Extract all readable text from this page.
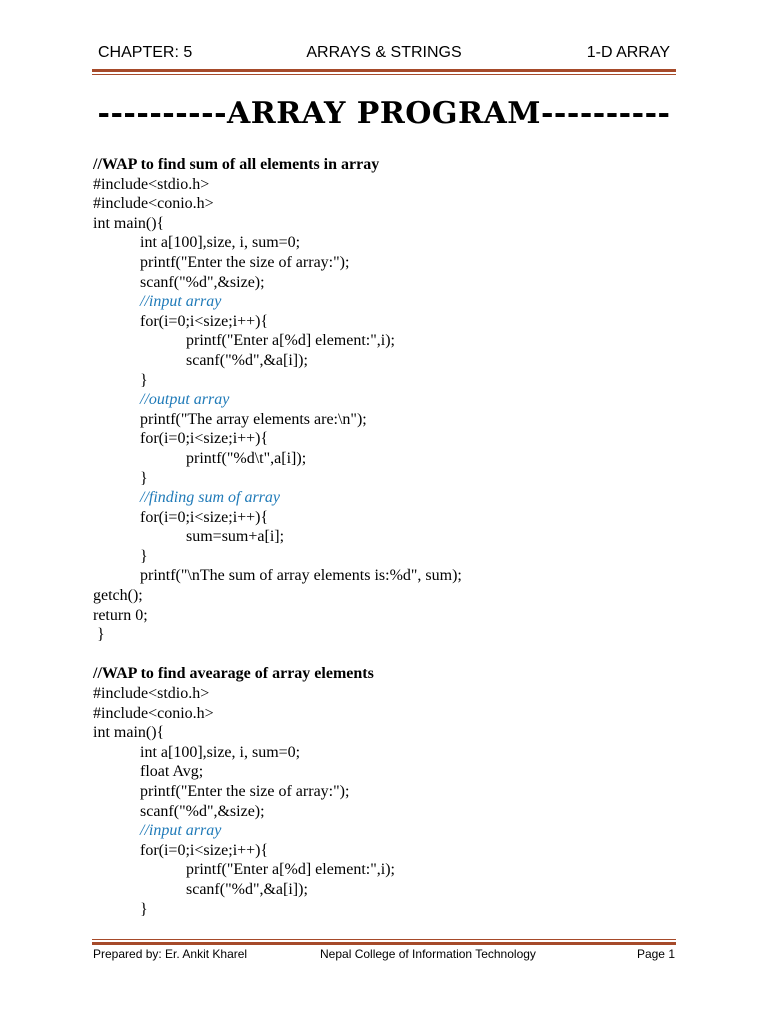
CHAPTER: 5	ARRAYS & STRINGS	1-D ARRAY
----------ARRAY PROGRAM----------
//WAP to find sum of all elements in array
#include<stdio.h>
#include<conio.h>
int main(){
int a[100],size, i, sum=0;
printf("Enter the size of array:");
scanf("%d",&size);
//input array
for(i=0;i<size;i++){
printf("Enter a[%d] element:",i);
scanf("%d",&a[i]);
}
//output array
printf("The array elements are:\n");
for(i=0;i<size;i++){
printf("%d\t",a[i]);
}
//finding sum of array
for(i=0;i<size;i++){
sum=sum+a[i];
}
printf("\nThe sum of array elements is:%d", sum);
getch();
return 0;
}
//WAP to find avearage of array elements
#include<stdio.h>
#include<conio.h>
int main(){
int a[100],size, i, sum=0;
float Avg;
printf("Enter the size of array:");
scanf("%d",&size);
//input array
for(i=0;i<size;i++){
printf("Enter a[%d] element:",i);
scanf("%d",&a[i]);
}
Prepared by: Er. Ankit Kharel	Nepal College of Information Technology	Page 1
